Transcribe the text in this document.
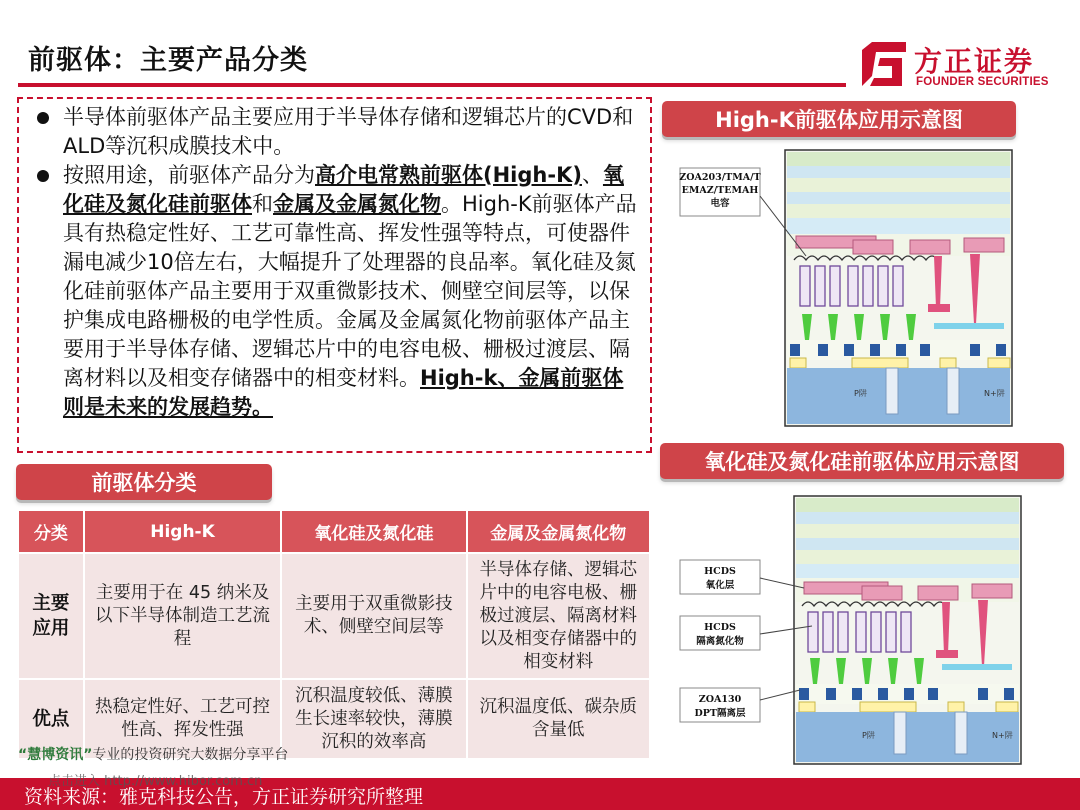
前驱体：主要产品分类	方正证券
FOUNDER SECURITIES
半导体前驱体产品主要应用于半导体存储和逻辑芯片的CVD和ALD等沉积成膜技术中。
按照用途，前驱体产品分为高介电常熟前驱体(High-K)、氧化硅及氮化硅前驱体和金属及金属氮化物。High-K前驱体产品具有热稳定性好、工艺可靠性高、挥发性强等特点，可使器件漏电减少10倍左右，大幅提升了处理器的良品率。氧化硅及氮化硅前驱体产品主要用于双重微影技术、侧壁空间层等，以保护集成电路栅极的电学性质。金属及金属氮化物前驱体产品主要用于半导体存储、逻辑芯片中的电容电极、栅极过渡层、隔离材料以及相变存储器中的相变材料。High-k、金属前驱体则是未来的发展趋势。
前驱体分类
分类	High-K	氧化硅及氮化硅	金属及金属氮化物
主要应用	主要用于在 45 纳米及以下半导体制造工艺流程	主要用于双重微影技术、侧壁空间层等	半导体存储、逻辑芯片中的电容电极、栅极过渡层、隔离材料以及相变存储器中的相变材料
优点	热稳定性好、工艺可控性高、挥发性强	沉积温度较低、薄膜生长速率较快，薄膜沉积的效率高	沉积温度低、碳杂质含量低
High-K前驱体应用示意图
P阱	N+阱
ZOA203/TMA/T
EMAZ/TEMAH
电容
氧化硅及氮化硅前驱体应用示意图
P阱	N+阱
HCDS
氧化层
HCDS
隔离氮化物
ZOA130
DPT隔离层
“慧博资讯”专业的投资研究大数据分享平台
点击进入 http://www.hibor.com.cn
资料来源：雅克科技公告，方正证券研究所整理
